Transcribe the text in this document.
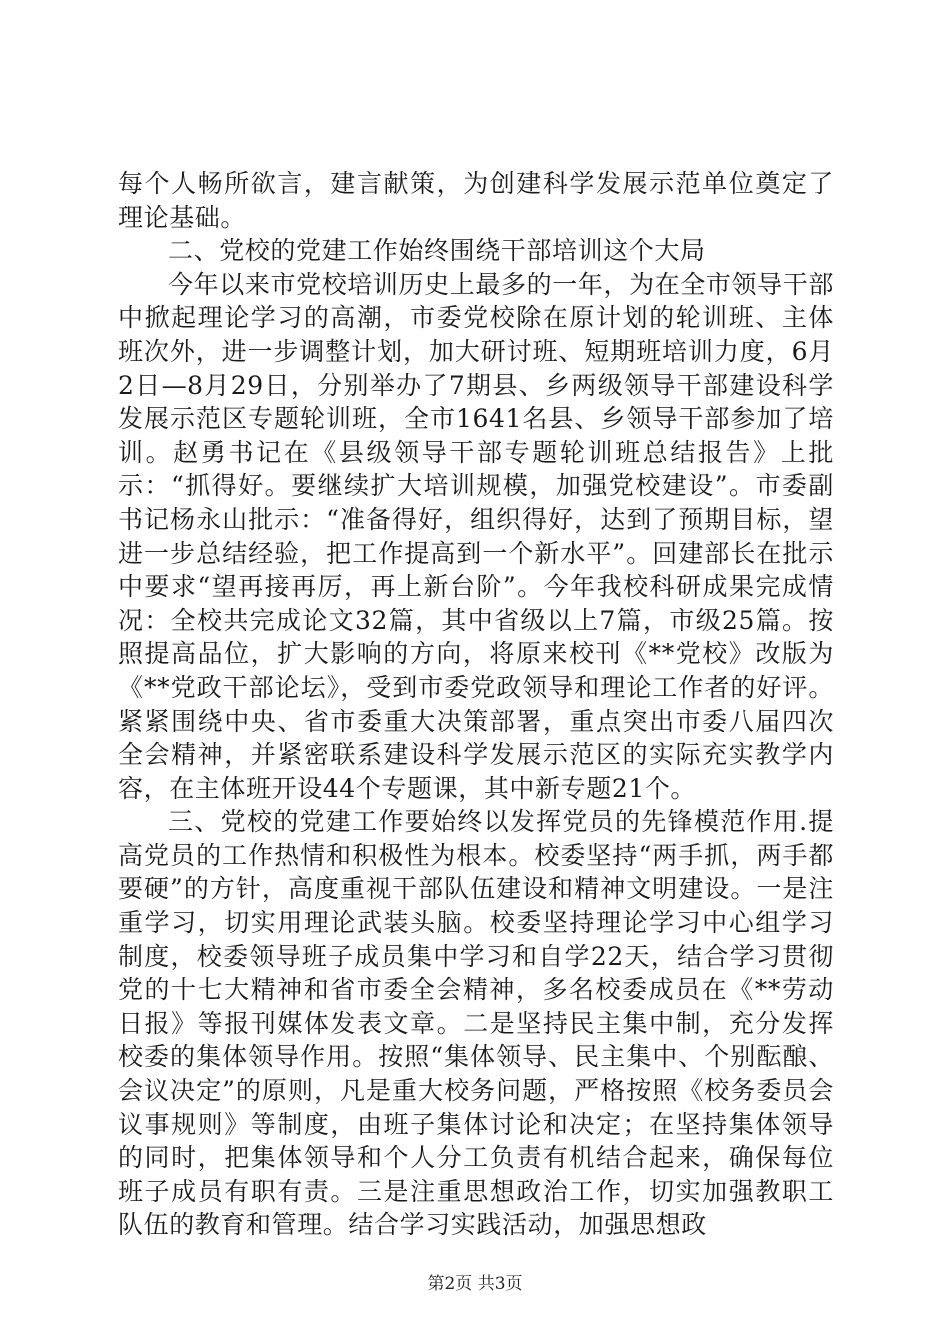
每个人畅所欲言，建言献策，为创建科学发展示范单位奠定了理论基础。

二、党校的党建工作始终围绕干部培训这个大局

今年以来市党校培训历史上最多的一年，为在全市领导干部中掀起理论学习的高潮，市委党校除在原计划的轮训班、主体班次外，进一步调整计划，加大研讨班、短期班培训力度，6月2日—8月29日，分别举办了7期县、乡两级领导干部建设科学发展示范区专题轮训班，全市1641名县、乡领导干部参加了培训。赵勇书记在《县级领导干部专题轮训班总结报告》上批示：“抓得好。要继续扩大培训规模，加强党校建设”。市委副书记杨永山批示：“准备得好，组织得好，达到了预期目标，望进一步总结经验，把工作提高到一个新水平”。回建部长在批示中要求“望再接再厉，再上新台阶”。今年我校科研成果完成情况：全校共完成论文32篇，其中省级以上7篇，市级25篇。按照提高品位，扩大影响的方向，将原来校刊《**党校》改版为《**党政干部论坛》，受到市委党政领导和理论工作者的好评。紧紧围绕中央、省市委重大决策部署，重点突出市委八届四次全会精神，并紧密联系建设科学发展示范区的实际充实教学内容，在主体班开设44个专题课，其中新专题21个。

三、党校的党建工作要始终以发挥党员的先锋模范作用.提高党员的工作热情和积极性为根本。校委坚持“两手抓，两手都要硬”的方针，高度重视干部队伍建设和精神文明建设。一是注重学习，切实用理论武装头脑。校委坚持理论学习中心组学习制度，校委领导班子成员集中学习和自学22天，结合学习贯彻党的十七大精神和省市委全会精神，多名校委成员在《**劳动日报》等报刊媒体发表文章。二是坚持民主集中制，充分发挥校委的集体领导作用。按照“集体领导、民主集中、个别酝酿、会议决定”的原则，凡是重大校务问题，严格按照《校务委员会议事规则》等制度，由班子集体讨论和决定；在坚持集体领导的同时，把集体领导和个人分工负责有机结合起来，确保每位班子成员有职有责。三是注重思想政治工作，切实加强教职工队伍的教育和管理。结合学习实践活动，加强思想政

第2页 共3页
